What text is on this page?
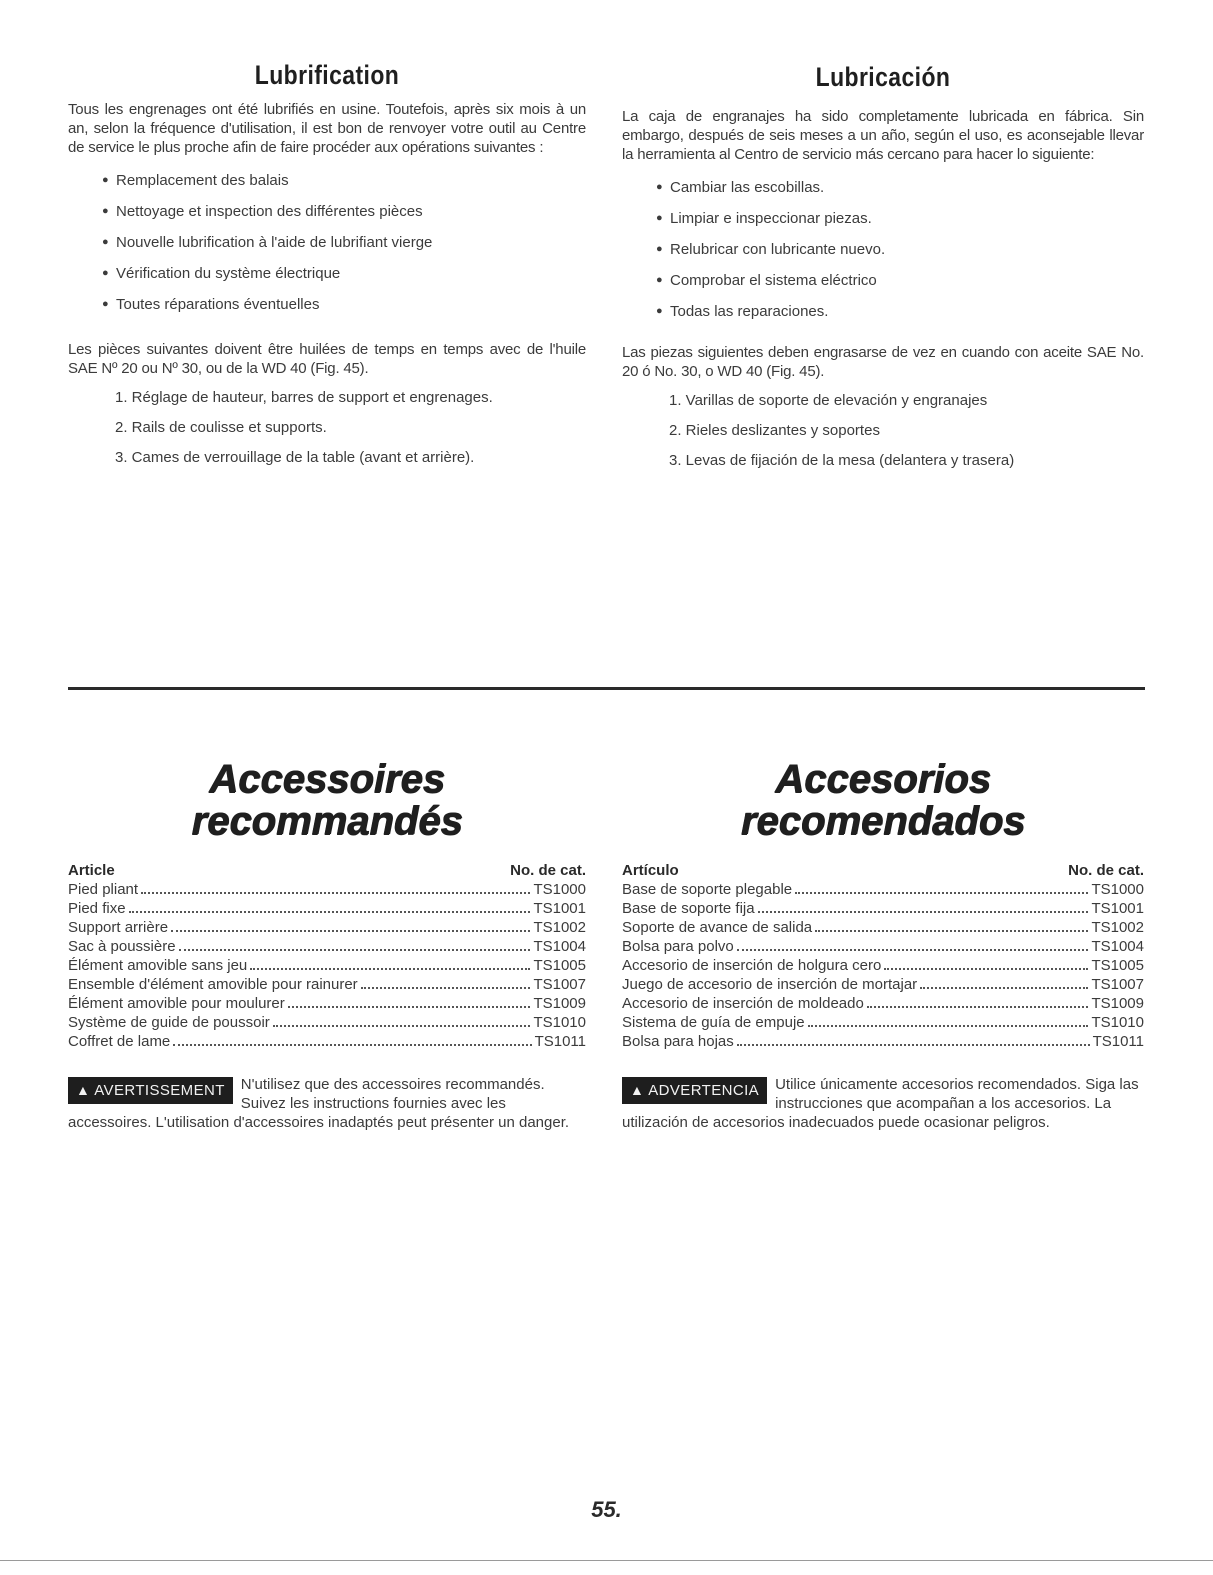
Lubrification

Tous les engrenages ont été lubrifiés en usine. Toutefois, après six mois à un an, selon la fréquence d'utilisation, il est bon de renvoyer votre outil au Centre de service le plus proche afin de faire procéder aux opérations suivantes :

● Remplacement des balais
● Nettoyage et inspection des différentes pièces
● Nouvelle lubrification à l'aide de lubrifiant vierge
● Vérification du système électrique
● Toutes réparations éventuelles

Les pièces suivantes doivent être huilées de temps en temps avec de l'huile SAE Nº 20 ou Nº 30, ou de la WD 40 (Fig. 45).

1. Réglage de hauteur, barres de support et engrenages.
2. Rails de coulisse et supports.
3. Cames de verrouillage de la table (avant et arrière).
Lubricación

La caja de engranajes ha sido completamente lubricada en fábrica. Sin embargo, después de seis meses a un año, según el uso, es aconsejable llevar la herramienta al Centro de servicio más cercano para hacer lo siguiente:

● Cambiar las escobillas.
● Limpiar e inspeccionar piezas.
● Relubricar con lubricante nuevo.
● Comprobar el sistema eléctrico
● Todas las reparaciones.

Las piezas siguientes deben engrasarse de vez en cuando con aceite SAE No. 20 ó No. 30, o WD 40 (Fig. 45).

1. Varillas de soporte de elevación y engranajes
2. Rieles deslizantes y soportes
3. Levas de fijación de la mesa (delantera y trasera)
Accessoires
recommandés
Article	No. de cat.
Pied pliant	TS1000
Pied fixe	TS1001
Support arrière	TS1002
Sac à poussière	TS1004
Élément amovible sans jeu	TS1005
Ensemble d'élément amovible pour rainurer	TS1007
Élément amovible pour moulurer	TS1009
Système de guide de poussoir	TS1010
Coffret de lame	TS1011
▲ AVERTISSEMENT	N'utilisez que des accessoires recommandés. Suivez les instructions fournies avec les accessoires. L'utilisation d'accessoires inadaptés peut présenter un danger.

Accesorios
recomendados
Artículo	No. de cat.
Base de soporte plegable	TS1000
Base de soporte fija	TS1001
Soporte de avance de salida	TS1002
Bolsa para polvo	TS1004
Accesorio de inserción de holgura cero	TS1005
Juego de accesorio de inserción de mortajar	TS1007
Accesorio de inserción de moldeado	TS1009
Sistema de guía de empuje	TS1010
Bolsa para hojas	TS1011
▲ ADVERTENCIA	Utilice únicamente accesorios recomendados. Siga las instrucciones que acompañan a los accesorios. La utilización de accesorios inadecuados puede ocasionar peligros.

55.
